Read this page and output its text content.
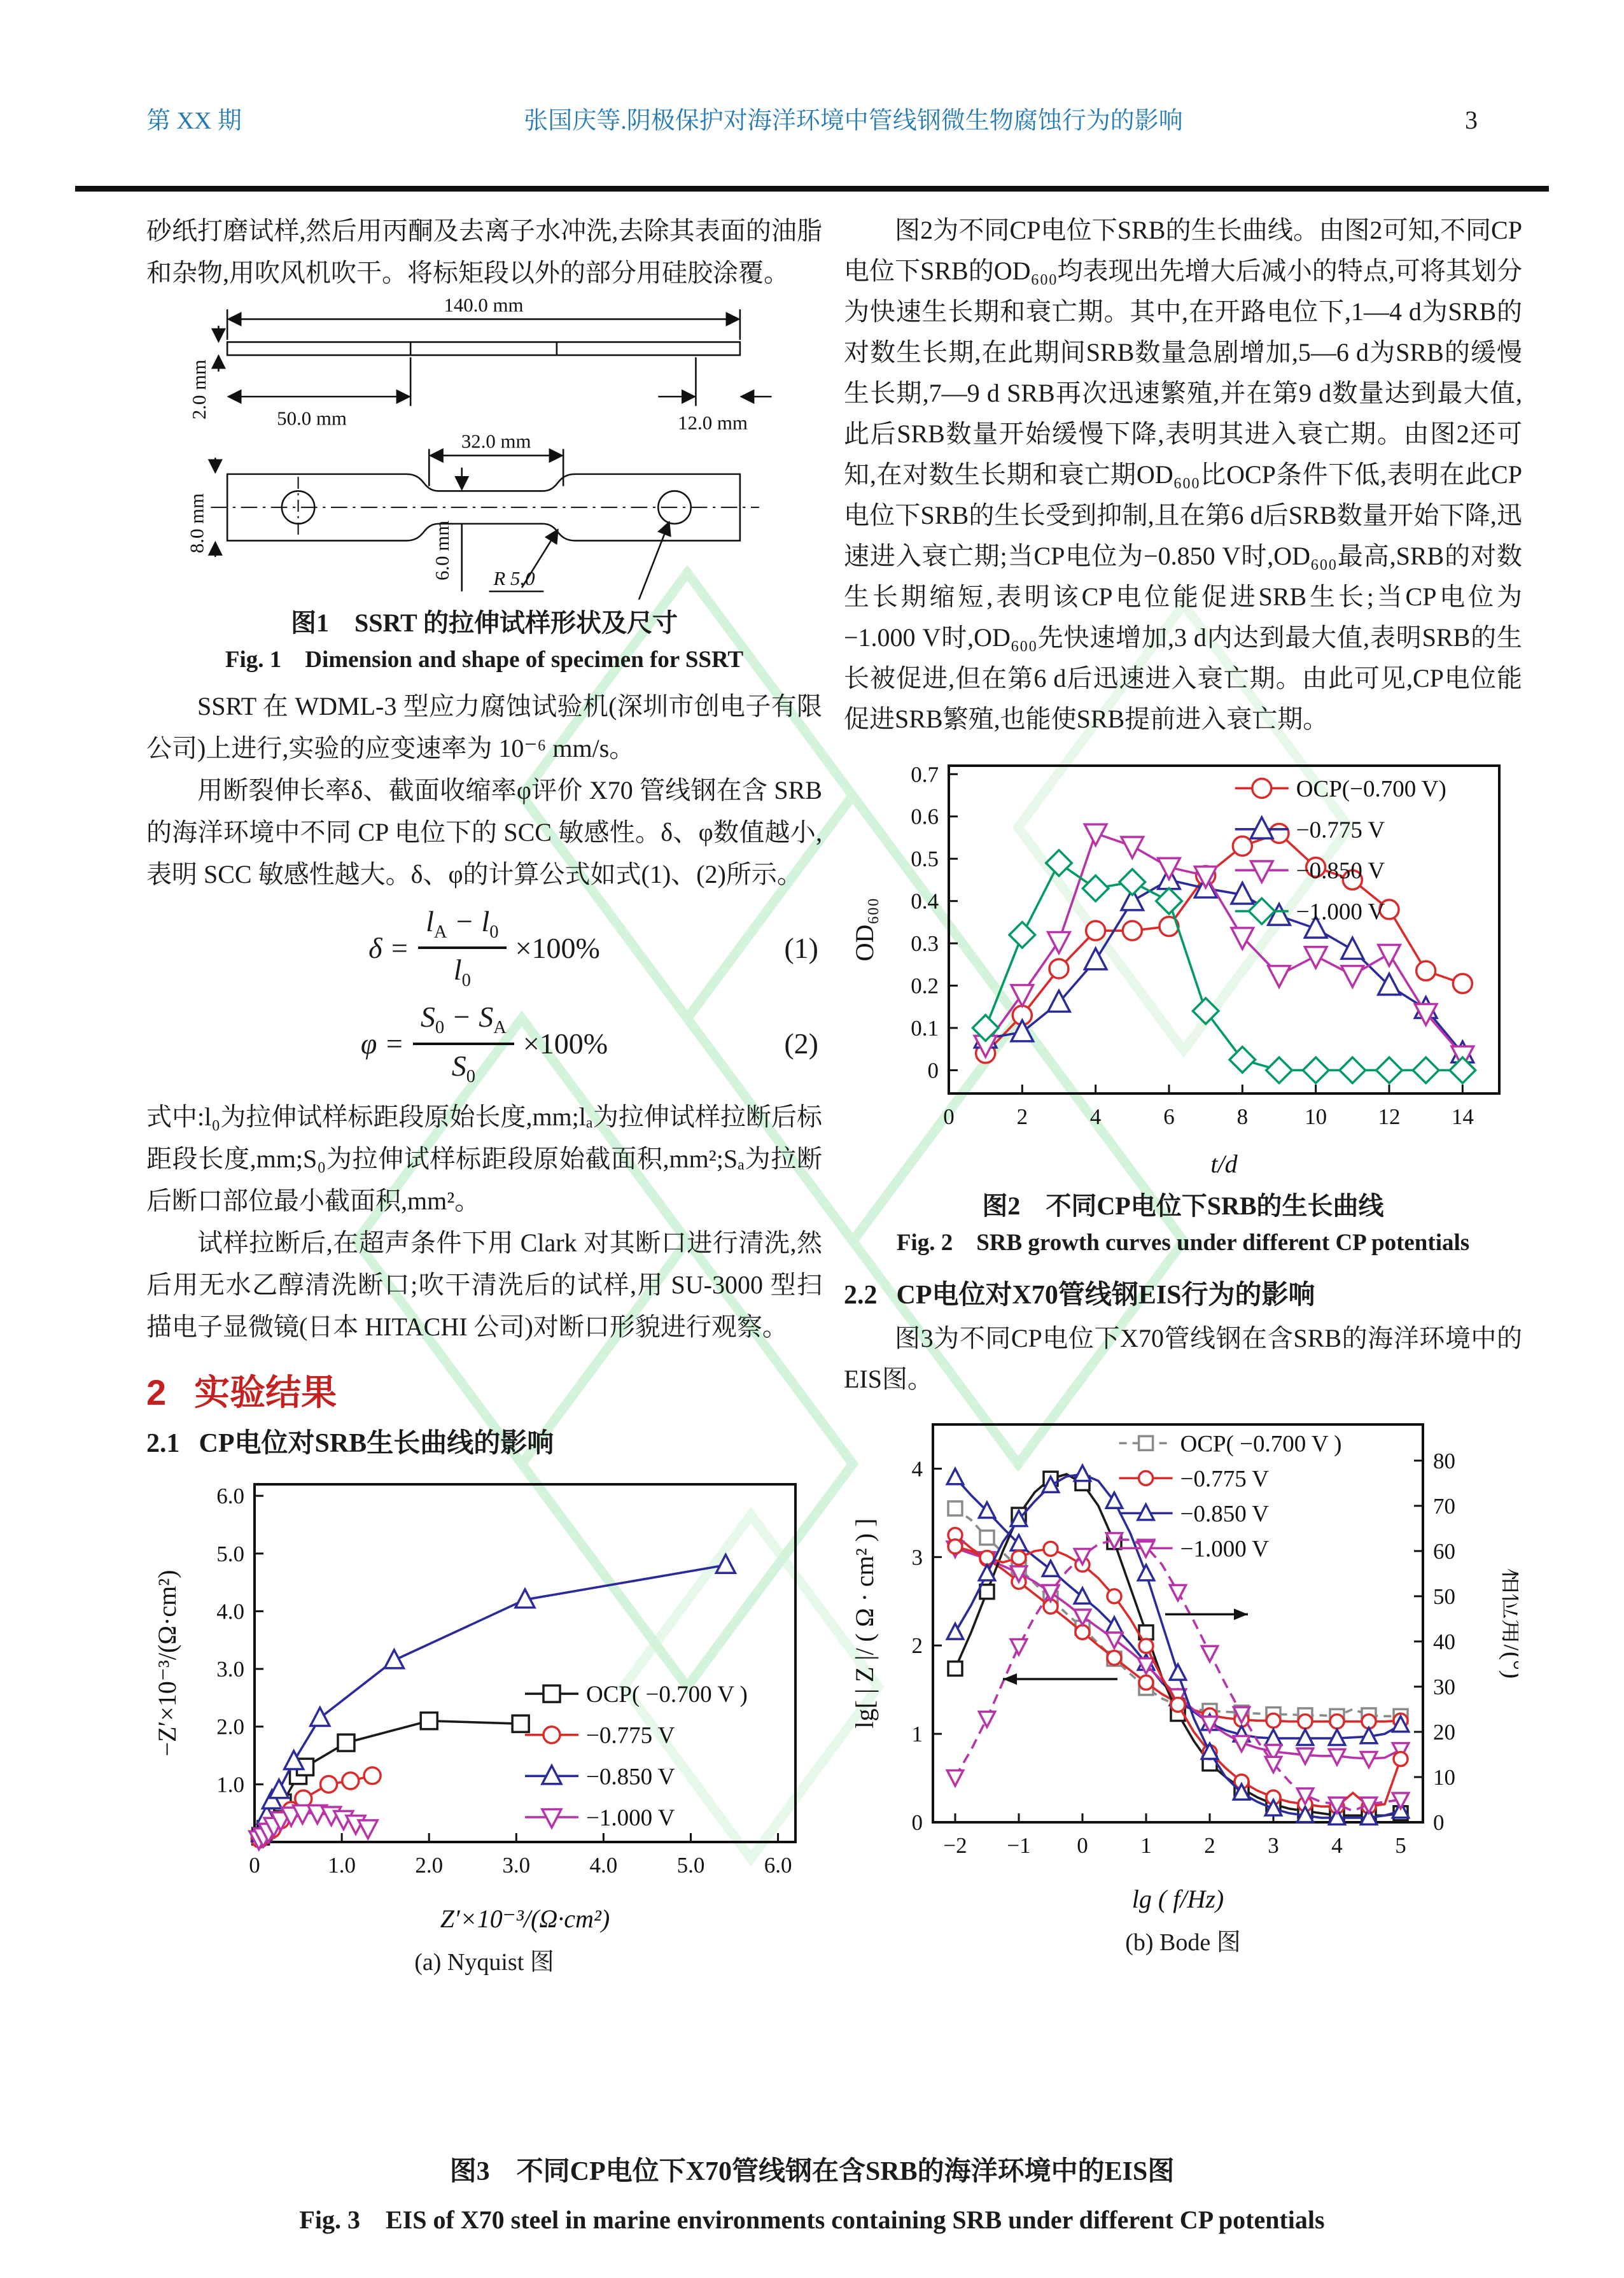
第 XX 期	张国庆等.阴极保护对海洋环境中管线钢微生物腐蚀行为的影响	3

砂纸打磨试样,然后用丙酮及去离子水冲洗,去除其表面的油脂和杂物,用吹风机吹干。将标矩段以外的部分用硅胶涂覆。

140.0 mm
2.0 mm	50.0 mm	12.0 mm
32.0 mm
8.0 mm	6.0 mm R 5.0

图1　SSRT 的拉伸试样形状及尺寸

Fig. 1　Dimension and shape of specimen for SSRT

SSRT 在 WDML-3 型应力腐蚀试验机(深圳市创电子有限公司)上进行,实验的应变速率为 10⁻⁶ mm/s。

用断裂伸长率δ、截面收缩率φ评价 X70 管线钢在含 SRB 的海洋环境中不同 CP 电位下的 SCC 敏感性。δ、φ数值越小,表明 SCC 敏感性越大。δ、φ的计算公式如式(1)、(2)所示。

$\delta = \frac{l_A - l_0}{l_0} \times 100\%$	(1)
$\varphi = \frac{S_0 - S_A}{S_0} \times 100\%$	(2)

式中:l₀为拉伸试样标距段原始长度,mm;lₐ为拉伸试样拉断后标距段长度,mm;S₀为拉伸试样标距段原始截面积,mm²;Sₐ为拉断后断口部位最小截面积,mm²。

试样拉断后,在超声条件下用 Clark 对其断口进行清洗,然后用无水乙醇清洗断口;吹干清洗后的试样,用 SU-3000 型扫描电子显微镜(日本 HITACHI 公司)对断口形貌进行观察。

2 实验结果
2.1 CP电位对SRB生长曲线的影响
0	1.0	2.0	3.0	4.0	5.0	6.0
1.0
2.0
3.0
4.0
5.0
6.0
Z′×10⁻³/(Ω·cm²)
−Z′×10⁻³/(Ω·cm²)	OCP( −0.700 V )
−0.775 V
−0.850 V
−1.000 V

(a) Nyquist 图

图2为不同CP电位下SRB的生长曲线。由图2可知,不同CP电位下SRB的OD₆₀₀均表现出先增大后减小的特点,可将其划分为快速生长期和衰亡期。其中,在开路电位下,1—4 d为SRB的对数生长期,在此期间SRB数量急剧增加,5—6 d为SRB的缓慢生长期,7—9 d SRB再次迅速繁殖,并在第9 d数量达到最大值,此后SRB数量开始缓慢下降,表明其进入衰亡期。由图2还可知,在对数生长期和衰亡期OD₆₀₀比OCP条件下低,表明在此CP电位下SRB的生长受到抑制,且在第6 d后SRB数量开始下降,迅速进入衰亡期;当CP电位为−0.850 V时,OD₆₀₀最高,SRB的对数生长期缩短,表明该CP电位能促进SRB生长;当CP电位为−1.000 V时,OD₆₀₀先快速增加,3 d内达到最大值,表明SRB的生长被促进,但在第6 d后迅速进入衰亡期。由此可见,CP电位能促进SRB繁殖,也能使SRB提前进入衰亡期。

0	2	4	6	8	10 12 14
0
0.1
0.2
0.3
0.4
0.5
0.6
0.7
t/d
OD₆₀₀
OCP(−0.700 V)
−0.775 V
−0.850 V
−1.000 V

图2　不同CP电位下SRB的生长曲线

Fig. 2　SRB growth curves under different CP potentials

2.2 CP电位对X70管线钢EIS行为的影响

图3为不同CP电位下X70管线钢在含SRB的海洋环境中的EIS图。

−2 −1 0 1 2 3 4 5
0
1
2
3
4
0
10
20
30
40
50
60
70
80
lg ( f/Hz)
lg[ | Z |/ ( Ω · cm² ) ]	相位角/(°)
OCP( −0.700 V )
−0.775 V
−0.850 V
−1.000 V

(b) Bode 图

图3　不同CP电位下X70管线钢在含SRB的海洋环境中的EIS图

Fig. 3　EIS of X70 steel in marine environments containing SRB under different CP potentials
